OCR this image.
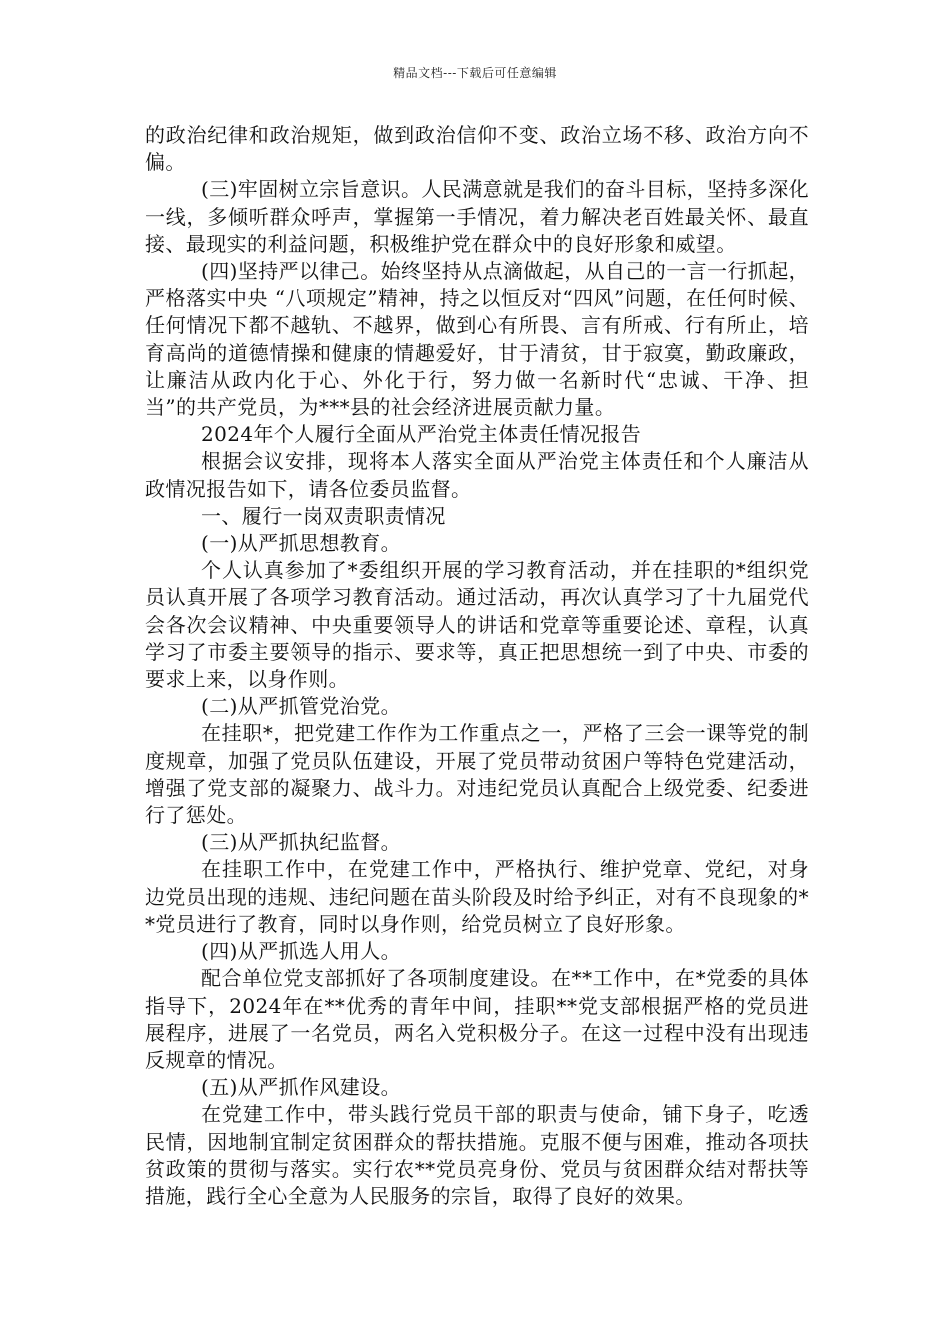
精品文档---下载后可任意编辑

的政治纪律和政治规矩，做到政治信仰不变、政治立场不移、政治方向不偏。

(三)牢固树立宗旨意识。人民满意就是我们的奋斗目标，坚持多深化一线，多倾听群众呼声，掌握第一手情况，着力解决老百姓最关怀、最直接、最现实的利益问题，积极维护党在群众中的良好形象和威望。

(四)坚持严以律己。始终坚持从点滴做起，从自己的一言一行抓起，严格落实中央 “八项规定”精神，持之以恒反对“四风”问题，在任何时候、任何情况下都不越轨、不越界，做到心有所畏、言有所戒、行有所止，培育高尚的道德情操和健康的情趣爱好，甘于清贫，甘于寂寞，勤政廉政，让廉洁从政内化于心、外化于行，努力做一名新时代“忠诚、干净、担当”的共产党员，为***县的社会经济进展贡献力量。

2024年个人履行全面从严治党主体责任情况报告

根据会议安排，现将本人落实全面从严治党主体责任和个人廉洁从政情况报告如下，请各位委员监督。

一、履行一岗双责职责情况

(一)从严抓思想教育。

个人认真参加了*委组织开展的学习教育活动，并在挂职的*组织党员认真开展了各项学习教育活动。通过活动，再次认真学习了十九届党代会各次会议精神、中央重要领导人的讲话和党章等重要论述、章程，认真学习了市委主要领导的指示、要求等，真正把思想统一到了中央、市委的要求上来，以身作则。

(二)从严抓管党治党。

在挂职*，把党建工作作为工作重点之一，严格了三会一课等党的制度规章，加强了党员队伍建设，开展了党员带动贫困户等特色党建活动，增强了党支部的凝聚力、战斗力。对违纪党员认真配合上级党委、纪委进行了惩处。

(三)从严抓执纪监督。

在挂职工作中，在党建工作中，严格执行、维护党章、党纪，对身边党员出现的违规、违纪问题在苗头阶段及时给予纠正，对有不良现象的**党员进行了教育，同时以身作则，给党员树立了良好形象。

(四)从严抓选人用人。

配合单位党支部抓好了各项制度建设。在**工作中，在*党委的具体指导下，2024年在**优秀的青年中间，挂职**党支部根据严格的党员进展程序，进展了一名党员，两名入党积极分子。在这一过程中没有出现违反规章的情况。

(五)从严抓作风建设。

在党建工作中，带头践行党员干部的职责与使命，铺下身子，吃透民情，因地制宜制定贫困群众的帮扶措施。克服不便与困难，推动各项扶贫政策的贯彻与落实。实行农**党员亮身份、党员与贫困群众结对帮扶等措施，践行全心全意为人民服务的宗旨，取得了良好的效果。
